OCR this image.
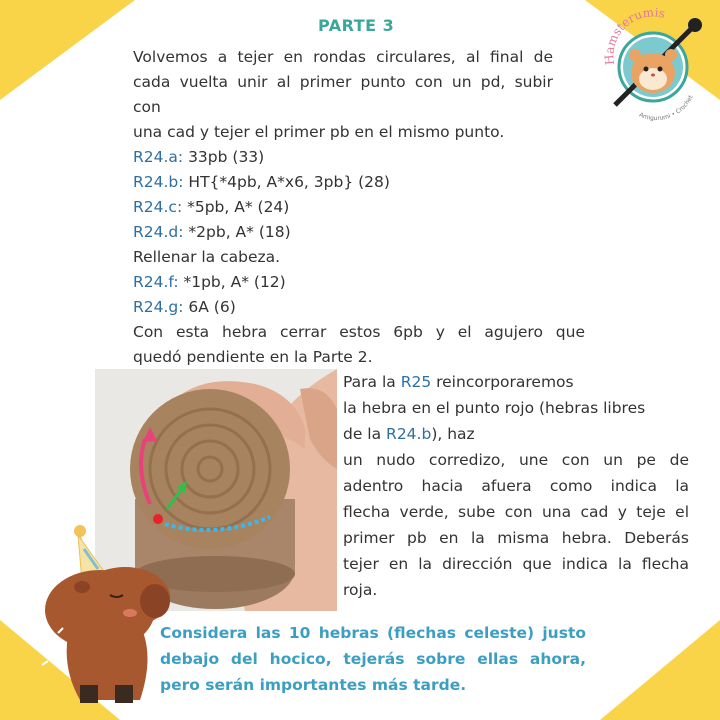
PARTE 3
Volvemos a tejer en rondas circulares, al final de
cada vuelta unir al primer punto con un pd, subir
con
una cad y tejer el primer pb en el mismo punto.
R24.a: 33pb (33)
R24.b: HT{*4pb, A*x6, 3pb} (28)
R24.c: *5pb, A* (24)
R24.d: *2pb, A* (18)
Rellenar la cabeza.
R24.f: *1pb, A* (12)
R24.g: 6A (6)
Con esta hebra cerrar estos 6pb y el agujero que
quedó pendiente en la Parte 2.
Para la R25 reincorporaremos
la hebra en el punto rojo (hebras libres
de la R24.b), haz
un nudo corredizo, une con un pe de
adentro hacia afuera como indica la
flecha verde, sube con una cad y teje el
primer pb en la misma hebra. Deberás
tejer en la dirección que indica la flecha
roja.
Considera las 10 hebras (flechas celeste) justo
debajo del hocico, tejerás sobre ellas ahora,
pero serán importantes más tarde.
Hamsterumis
Amigurumi • Crochet
